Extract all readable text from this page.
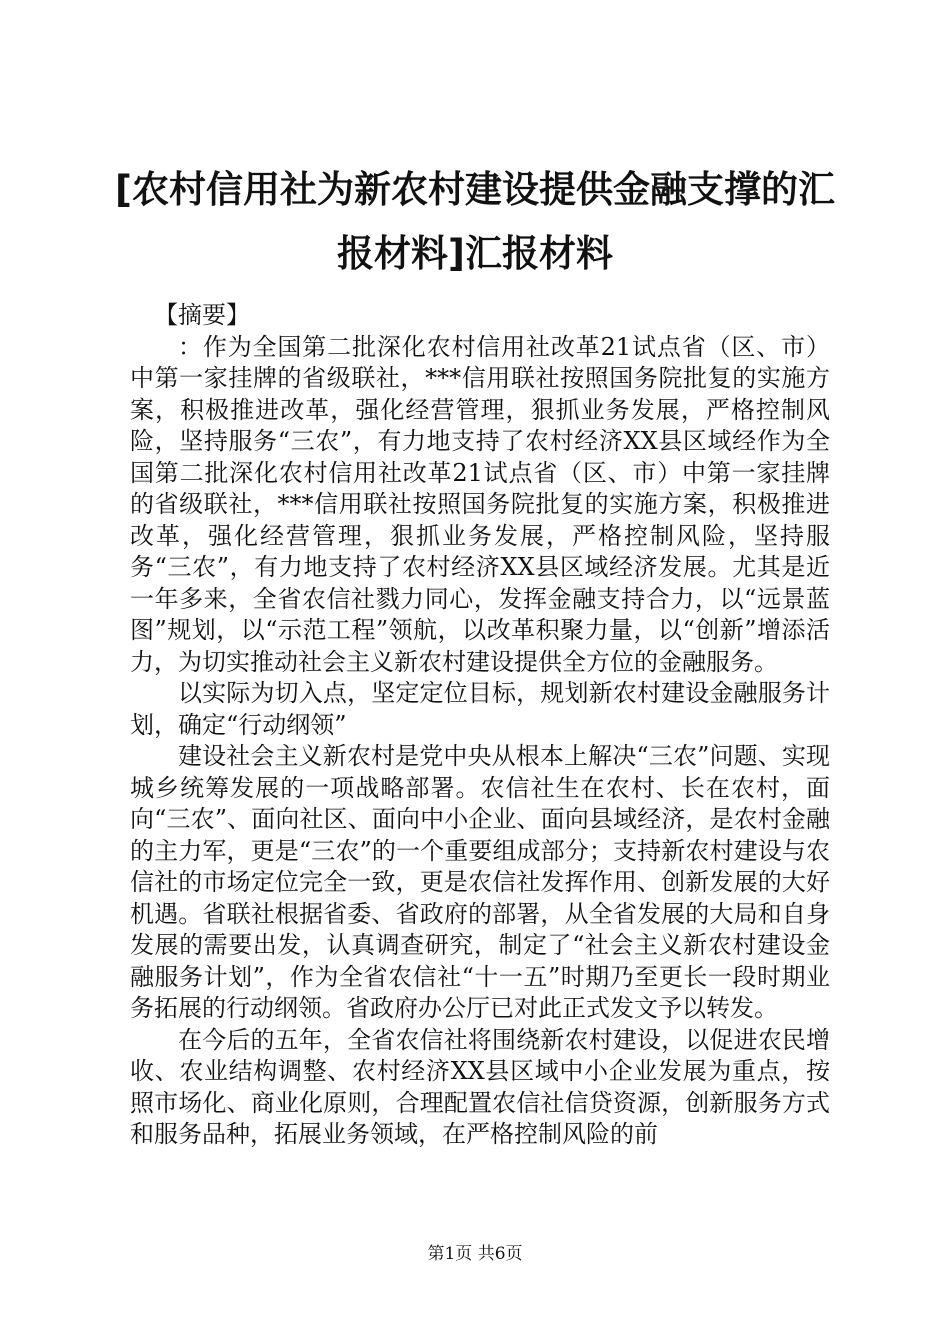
[农村信用社为新农村建设提供金融支撑的汇
报材料]汇报材料

【摘要】

：作为全国第二批深化农村信用社改革21试点省（区、市）中第一家挂牌的省级联社，***信用联社按照国务院批复的实施方案，积极推进改革，强化经营管理，狠抓业务发展，严格控制风险，坚持服务“三农”，有力地支持了农村经济XX县区域经作为全国第二批深化农村信用社改革21试点省（区、市）中第一家挂牌的省级联社，***信用联社按照国务院批复的实施方案，积极推进改革，强化经营管理，狠抓业务发展，严格控制风险，坚持服务“三农”，有力地支持了农村经济XX县区域经济发展。尤其是近一年多来，全省农信社戮力同心，发挥金融支持合力，以“远景蓝图”规划，以“示范工程”领航，以改革积聚力量，以“创新”增添活力，为切实推动社会主义新农村建设提供全方位的金融服务。

以实际为切入点，坚定定位目标，规划新农村建设金融服务计划，确定“行动纲领”

建设社会主义新农村是党中央从根本上解决“三农”问题、实现城乡统筹发展的一项战略部署。农信社生在农村、长在农村，面向“三农”、面向社区、面向中小企业、面向县域经济，是农村金融的主力军，更是“三农”的一个重要组成部分；支持新农村建设与农信社的市场定位完全一致，更是农信社发挥作用、创新发展的大好机遇。省联社根据省委、省政府的部署，从全省发展的大局和自身发展的需要出发，认真调查研究，制定了“社会主义新农村建设金融服务计划”，作为全省农信社“十一五”时期乃至更长一段时期业务拓展的行动纲领。省政府办公厅已对此正式发文予以转发。

在今后的五年，全省农信社将围绕新农村建设，以促进农民增收、农业结构调整、农村经济XX县区域中小企业发展为重点，按照市场化、商业化原则，合理配置农信社信贷资源，创新服务方式和服务品种，拓展业务领域，在严格控制风险的前

第1页 共6页
